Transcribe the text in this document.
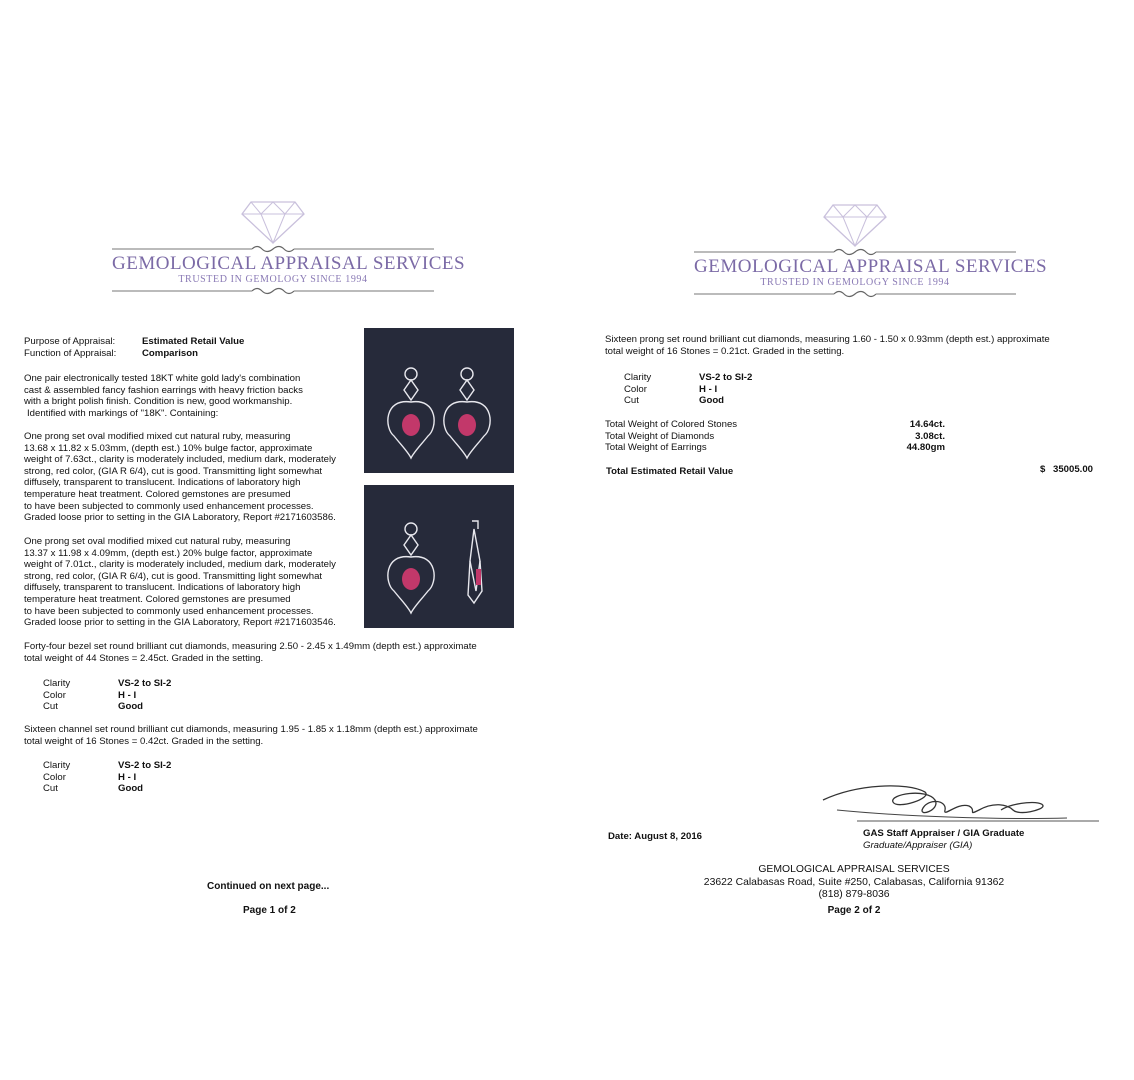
GEMOLOGICAL APPRAISAL SERVICES
TRUSTED IN GEMOLOGY SINCE 1994
Purpose of Appraisal:	Estimated Retail Value
Function of Appraisal:	Comparison
One pair electronically tested 18KT white gold lady's combination
cast & assembled fancy fashion earrings with heavy friction backs
with a bright polish finish. Condition is new, good workmanship.
Identified with markings of "18K". Containing:
One prong set oval modified mixed cut natural ruby, measuring
13.68 x 11.82 x 5.03mm, (depth est.) 10% bulge factor, approximate
weight of 7.63ct., clarity is moderately included, medium dark, moderately
strong, red color, (GIA R 6/4), cut is good. Transmitting light somewhat
diffusely, transparent to translucent. Indications of laboratory high
temperature heat treatment. Colored gemstones are presumed
to have been subjected to commonly used enhancement processes.
Graded loose prior to setting in the GIA Laboratory, Report #2171603586.
One prong set oval modified mixed cut natural ruby, measuring
13.37 x 11.98 x 4.09mm, (depth est.) 20% bulge factor, approximate
weight of 7.01ct., clarity is moderately included, medium dark, moderately
strong, red color, (GIA R 6/4), cut is good. Transmitting light somewhat
diffusely, transparent to translucent. Indications of laboratory high
temperature heat treatment. Colored gemstones are presumed
to have been subjected to commonly used enhancement processes.
Graded loose prior to setting in the GIA Laboratory, Report #2171603546.
Forty-four bezel set round brilliant cut diamonds, measuring 2.50 - 2.45 x 1.49mm (depth est.) approximate
total weight of 44 Stones = 2.45ct. Graded in the setting.
Clarity	VS-2 to SI-2
Color	H - I
Cut	Good
Sixteen channel set round brilliant cut diamonds, measuring 1.95 - 1.85 x 1.18mm (depth est.) approximate
total weight of 16 Stones = 0.42ct. Graded in the setting.
Clarity	VS-2 to SI-2
Color	H - I
Cut	Good
Continued on next page...
Page 1 of 2
GEMOLOGICAL APPRAISAL SERVICES
TRUSTED IN GEMOLOGY SINCE 1994
Sixteen prong set round brilliant cut diamonds, measuring 1.60 - 1.50 x 0.93mm (depth est.) approximate
total weight of 16 Stones = 0.21ct. Graded in the setting.
Clarity	VS-2 to SI-2
Color	H - I
Cut	Good
Total Weight of Colored Stones	14.64ct.
Total Weight of Diamonds	3.08ct.
Total Weight of Earrings	44.80gm
Total Estimated Retail Value	$ 35005.00
Date: August 8, 2016	GAS Staff Appraiser / GIA Graduate
Graduate/Appraiser (GIA)
GEMOLOGICAL APPRAISAL SERVICES
23622 Calabasas Road, Suite #250, Calabasas, California 91362
(818) 879-8036
Page 2 of 2
